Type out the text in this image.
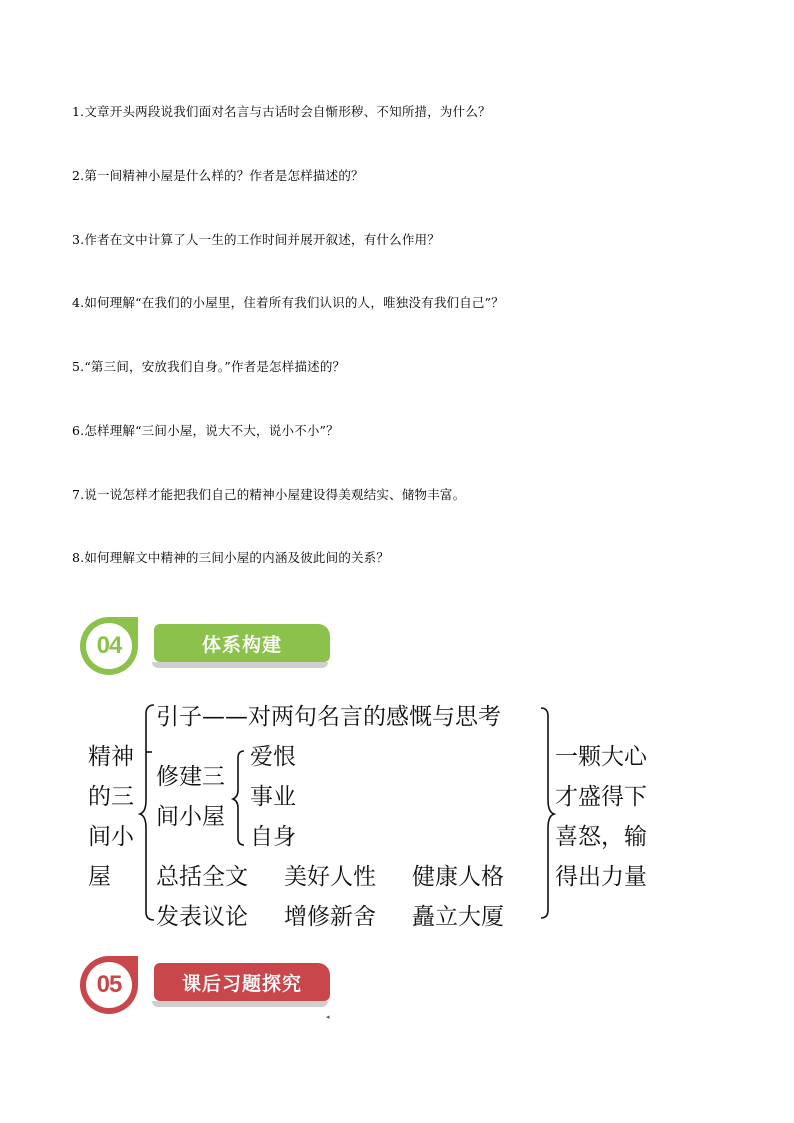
1.文章开头两段说我们面对名言与古话时会自惭形秽、不知所措，为什么？
2.第一间精神小屋是什么样的？作者是怎样描述的？
3.作者在文中计算了人一生的工作时间并展开叙述，有什么作用？
4.如何理解“在我们的小屋里，住着所有我们认识的人，唯独没有我们自己”？
5.“第三间，安放我们自身。”作者是怎样描述的？
6.怎样理解“三间小屋，说大不大，说小不小”？
7.说一说怎样才能把我们自己的精神小屋建设得美观结实、储物丰富。
8.如何理解文中精神的三间小屋的内涵及彼此间的关系？
04	体系构建
精神
的三
间小
屋
引子——对两句名言的感慨与思考
修建三
间小屋
爱恨
事业
自身
总括全文 美好人性 健康人格
发表议论 增修新舍 矗立大厦
一颗大心
才盛得下
喜怒，输
得出力量
05	课后习题探究
◂
